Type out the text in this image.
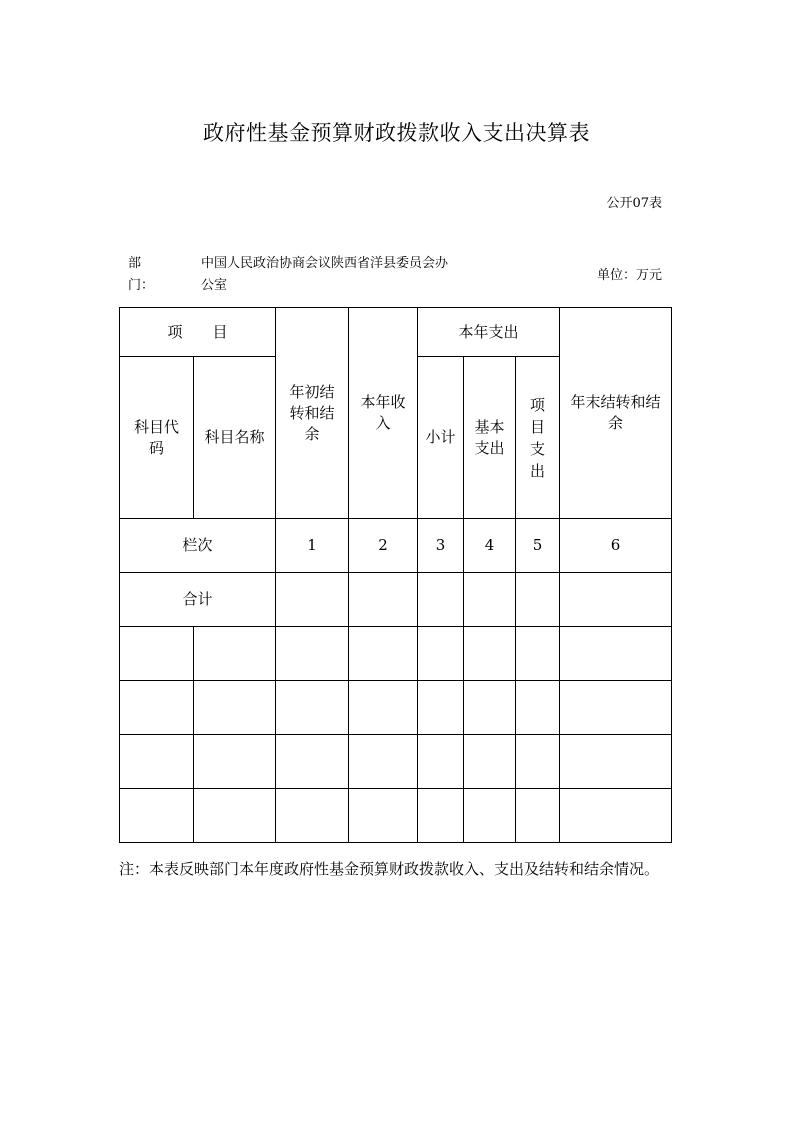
政府性基金预算财政拨款收入支出决算表
公开07表
部
门：
中国人民政治协商会议陕西省洋县委员会办
公室
单位：万元
项　　目		年初结转和结余	本年收入	本年支出			年末结转和结余
科目代码	科目名称			小计	基本支出	项目支出	
栏次		1	2	3	4	5	6
合计							

注：本表反映部门本年度政府性基金预算财政拨款收入、支出及结转和结余情况。
